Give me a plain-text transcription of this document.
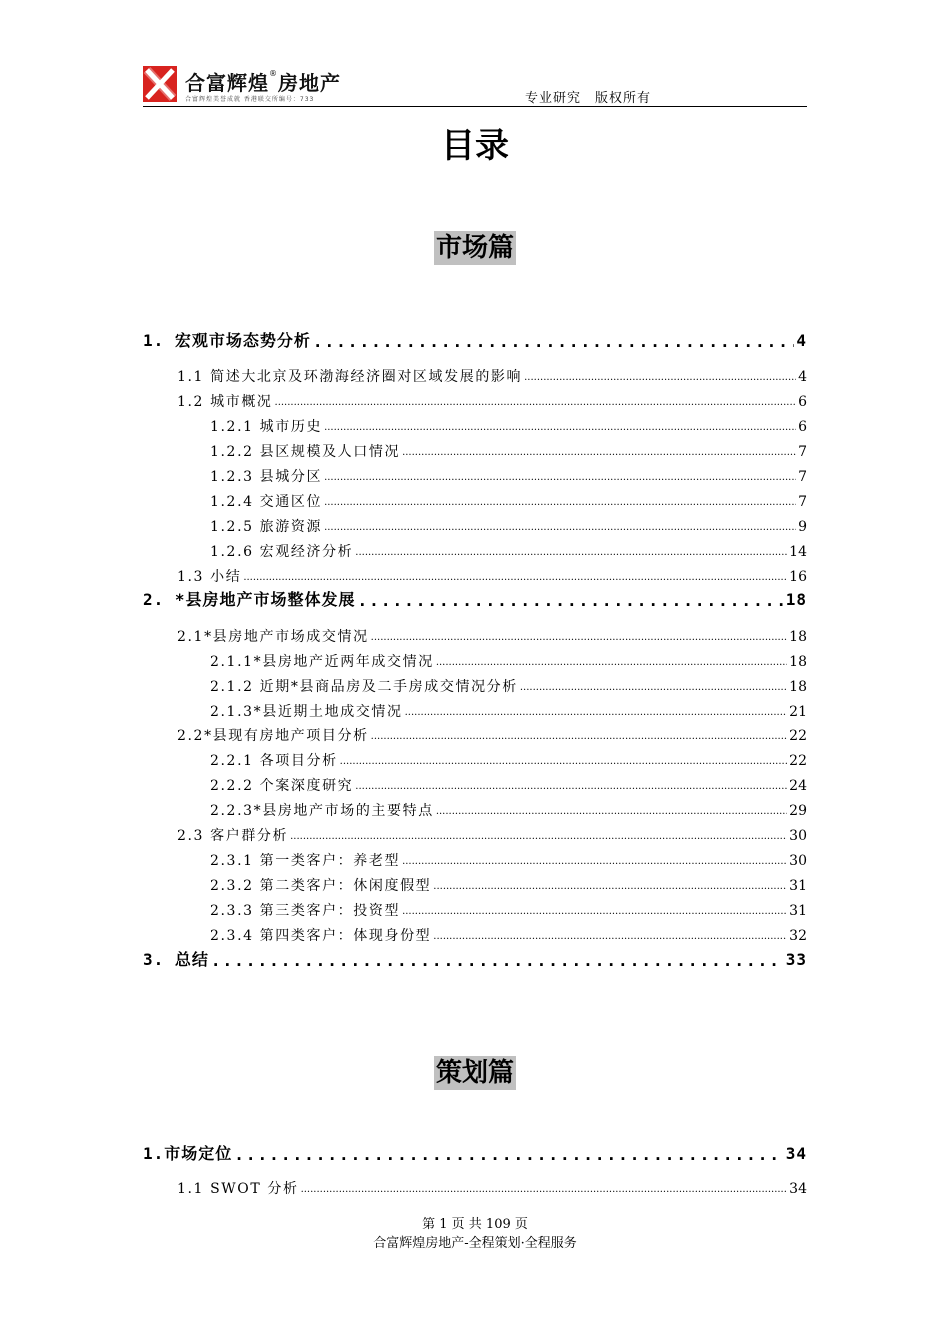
合富辉煌®房地产
合富辉煌美誉成就 香港联交所编号：733	专业研究　版权所有
目录
市场篇
策划篇
1. 宏观市场态势分析 .....	4
1.1 简述大北京及环渤海经济圈对区域发展的影响 .....	4
1.2 城市概况 .....	6
1.2.1 城市历史 .....	6
1.2.2 县区规模及人口情况 .....	7
1.2.3 县城分区 .....	7
1.2.4 交通区位 .....	7
1.2.5 旅游资源 .....	9
1.2.6 宏观经济分析 .....	14
1.3 小结 .....	16
2. *县房地产市场整体发展 .....	18
2.1*县房地产市场成交情况 .....	18
2.1.1*县房地产近两年成交情况 .....	18
2.1.2 近期*县商品房及二手房成交情况分析 .....	18
2.1.3*县近期土地成交情况 .....	21
2.2*县现有房地产项目分析 .....	22
2.2.1 各项目分析 .....	22
2.2.2 个案深度研究 .....	24
2.2.3*县房地产市场的主要特点 .....	29
2.3 客户群分析 .....	30
2.3.1 第一类客户：养老型 .....	30
2.3.2 第二类客户：休闲度假型 .....	31
2.3.3 第三类客户：投资型 .....	31
2.3.4 第四类客户：体现身份型 .....	32
3. 总结 .....	33
1.市场定位 .....	34
1.1 SWOT 分析 .....	34
第 1 页 共 109 页
合富辉煌房地产-全程策划·全程服务
